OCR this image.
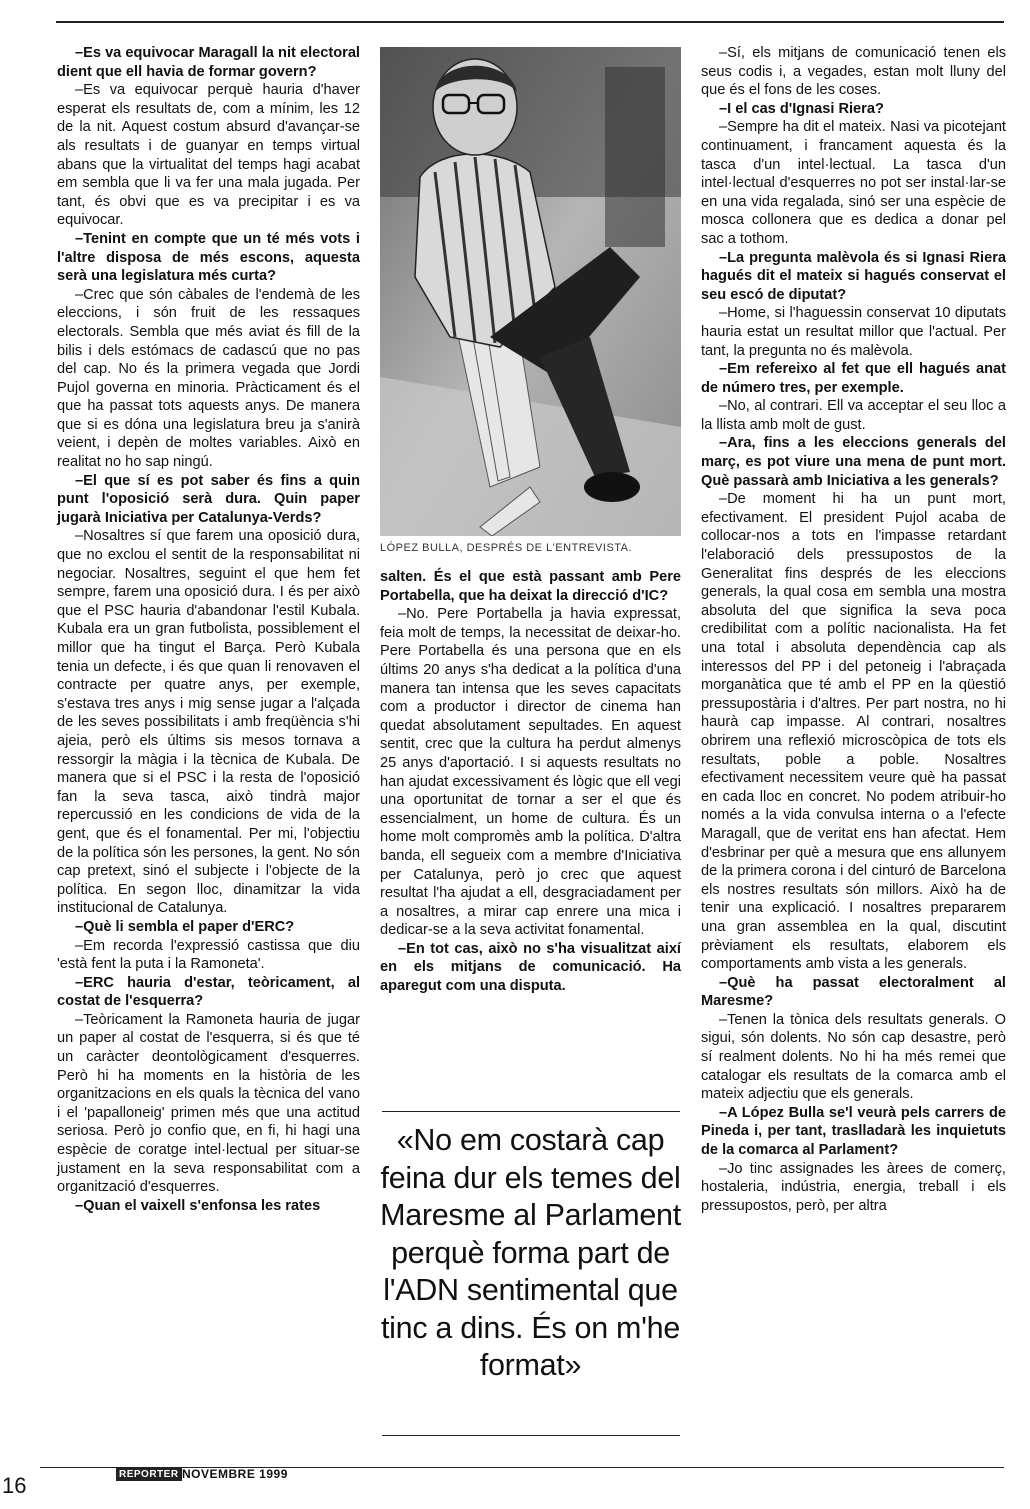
–Es va equivocar Maragall la nit electoral dient que ell havia de formar govern?

–Es va equivocar perquè hauria d'haver esperat els resultats de, com a mínim, les 12 de la nit. Aquest costum absurd d'avançar-se als resultats i de guanyar en temps virtual abans que la virtualitat del temps hagi acabat em sembla que li va fer una mala jugada. Per tant, és obvi que es va precipitar i es va equivocar.

–Tenint en compte que un té més vots i l'altre disposa de més escons, aquesta serà una legislatura més curta?

–Crec que són càbales de l'endemà de les eleccions, i són fruit de les ressaques electorals. Sembla que més aviat és fill de la bilis i dels estómacs de cadascú que no pas del cap. No és la primera vegada que Jordi Pujol governa en minoria. Pràcticament és el que ha passat tots aquests anys. De manera que si es dóna una legislatura breu ja s'anirà veient, i depèn de moltes variables. Això en realitat no ho sap ningú.

–El que sí es pot saber és fins a quin punt l'oposició serà dura. Quin paper jugarà Iniciativa per Catalunya-Verds?

–Nosaltres sí que farem una oposició dura, que no exclou el sentit de la responsabilitat ni negociar. Nosaltres, seguint el que hem fet sempre, farem una oposició dura. I és per això que el PSC hauria d'abandonar l'estil Kubala. Kubala era un gran futbolista, possiblement el millor que ha tingut el Barça. Però Kubala tenia un defecte, i és que quan li renovaven el contracte per quatre anys, per exemple, s'estava tres anys i mig sense jugar a l'alçada de les seves possibilitats i amb freqüència s'hi ajeia, però els últims sis mesos tornava a ressorgir la màgia i la tècnica de Kubala. De manera que si el PSC i la resta de l'oposició fan la seva tasca, això tindrà major repercussió en les condicions de vida de la gent, que és el fonamental. Per mi, l'objectiu de la política són les persones, la gent. No són cap pretext, sinó el subjecte i l'objecte de la política. En segon lloc, dinamitzar la vida institucional de Catalunya.

–Què li sembla el paper d'ERC?

–Em recorda l'expressió castissa que diu 'està fent la puta i la Ramoneta'.

–ERC hauria d'estar, teòricament, al costat de l'esquerra?

–Teòricament la Ramoneta hauria de jugar un paper al costat de l'esquerra, si és que té un caràcter deontològicament d'esquerres. Però hi ha moments en la història de les organitzacions en els quals la tècnica del vano i el 'papalloneig' primen més que una actitud seriosa. Però jo confio que, en fi, hi hagi una espècie de coratge intel·lectual per situar-se justament en la seva responsabilitat com a organització d'esquerres.

–Quan el vaixell s'enfonsa les rates

LÓPEZ BULLA, DESPRÉS DE L'ENTREVISTA.

salten. És el que està passant amb Pere Portabella, que ha deixat la direcció d'IC?

–No. Pere Portabella ja havia expressat, feia molt de temps, la necessitat de deixar-ho. Pere Portabella és una persona que en els últims 20 anys s'ha dedicat a la política d'una manera tan intensa que les seves capacitats com a productor i director de cinema han quedat absolutament sepultades. En aquest sentit, crec que la cultura ha perdut almenys 25 anys d'aportació. I si aquests resultats no han ajudat excessivament és lògic que ell vegi una oportunitat de tornar a ser el que és essencialment, un home de cultura. És un home molt compromès amb la política. D'altra banda, ell segueix com a membre d'Iniciativa per Catalunya, però jo crec que aquest resultat l'ha ajudat a ell, desgraciadament per a nosaltres, a mirar cap enrere una mica i dedicar-se a la seva activitat fonamental.

–En tot cas, això no s'ha visualitzat així en els mitjans de comunicació. Ha aparegut com una disputa.

«No em costarà cap feina dur els temes del Maresme al Parlament perquè forma part de l'ADN sentimental que tinc a dins. És on m'he format»

–Sí, els mitjans de comunicació tenen els seus codis i, a vegades, estan molt lluny del que és el fons de les coses.

–I el cas d'Ignasi Riera?

–Sempre ha dit el mateix. Nasi va picotejant continuament, i francament aquesta és la tasca d'un intel·lectual. La tasca d'un intel·lectual d'esquerres no pot ser instal·lar-se en una vida regalada, sinó ser una espècie de mosca collonera que es dedica a donar pel sac a tothom.

–La pregunta malèvola és si Ignasi Riera hagués dit el mateix si hagués conservat el seu escó de diputat?

–Home, si l'haguessin conservat 10 diputats hauria estat un resultat millor que l'actual. Per tant, la pregunta no és malèvola.

–Em refereixo al fet que ell hagués anat de número tres, per exemple.

–No, al contrari. Ell va acceptar el seu lloc a la llista amb molt de gust.

–Ara, fins a les eleccions generals del març, es pot viure una mena de punt mort. Què passarà amb Iniciativa a les generals?

–De moment hi ha un punt mort, efectivament. El president Pujol acaba de collocar-nos a tots en l'impasse retardant l'elaboració dels pressupostos de la Generalitat fins després de les eleccions generals, la qual cosa em sembla una mostra absoluta del que significa la seva poca credibilitat com a polític nacionalista. Ha fet una total i absoluta dependència cap als interessos del PP i del petoneig i l'abraçada morganàtica que té amb el PP en la qüestió pressupostària i d'altres. Per part nostra, no hi haurà cap impasse. Al contrari, nosaltres obrirem una reflexió microscòpica de tots els resultats, poble a poble. Nosaltres efectivament necessitem veure què ha passat en cada lloc en concret. No podem atribuir-ho només a la vida convulsa interna o a l'efecte Maragall, que de veritat ens han afectat. Hem d'esbrinar per què a mesura que ens allunyem de la primera corona i del cinturó de Barcelona els nostres resultats són millors. Això ha de tenir una explicació. I nosaltres prepararem una gran assemblea en la qual, discutint prèviament els resultats, elaborem els comportaments amb vista a les generals.

–Què ha passat electoralment al Maresme?

–Tenen la tònica dels resultats generals. O sigui, són dolents. No són cap desastre, però sí realment dolents. No hi ha més remei que catalogar els resultats de la comarca amb el mateix adjectiu que els generals.

–A López Bulla se'l veurà pels carrers de Pineda i, per tant, traslladarà les inquietuts de la comarca al Parlament?

–Jo tinc assignades les àrees de comerç, hostaleria, indústria, energia, treball i els pressupostos, però, per altra

16	REPORTER NOVEMBRE 1999
